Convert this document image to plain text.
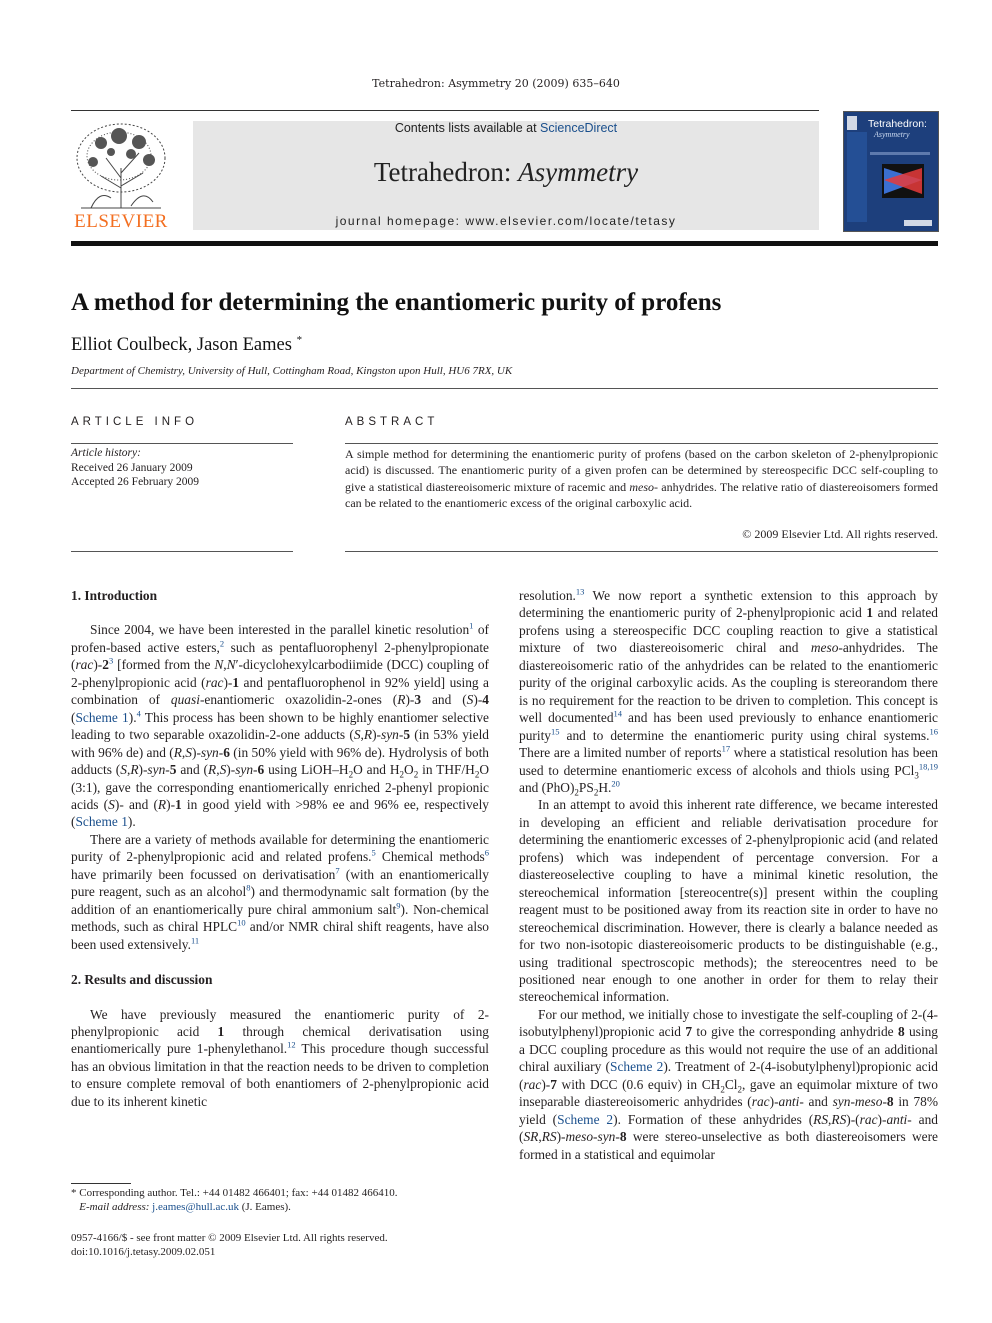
Tetrahedron: Asymmetry 20 (2009) 635–640
ELSEVIER
Contents lists available at ScienceDirect
Tetrahedron: Asymmetry
journal homepage: www.elsevier.com/locate/tetasy
Tetrahedron:
Asymmetry
A method for determining the enantiomeric purity of profens
Elliot Coulbeck, Jason Eames *
Department of Chemistry, University of Hull, Cottingham Road, Kingston upon Hull, HU6 7RX, UK
ARTICLE INFO	ABSTRACT
Article history:
Received 26 January 2009
Accepted 26 February 2009
A simple method for determining the enantiomeric purity of profens (based on the carbon skeleton of 2-phenylpropionic acid) is discussed. The enantiomeric purity of a given profen can be determined by stereospecific DCC self-coupling to give a statistical diastereoisomeric mixture of racemic and meso- anhydrides. The relative ratio of diastereoisomers formed can be related to the enantiomeric excess of the original carboxylic acid.
© 2009 Elsevier Ltd. All rights reserved.
1. Introduction

Since 2004, we have been interested in the parallel kinetic resolution$^1$ of profen-based active esters,$^2$ such as pentafluorophenyl 2-phenylpropionate $(rac)-2^3$ [formed from the N,N′-dicyclohexylcarbodiimide (DCC) coupling of 2-phenylpropionic acid (rac)-1 and pentafluorophenol in 92% yield] using a combination of quasi-enantiomeric oxazolidin-2-ones (R)-3 and (S)-4 (Scheme 1).$^4$ This process has been shown to be highly enantiomer selective leading to two separable oxazolidin-2-one adducts (S,R)-syn-5 (in 53% yield with 96% de) and (R,S)-syn-6 (in 50% yield with 96% de). Hydrolysis of both adducts (S,R)-syn-5 and (R,S)-syn-6 using LiOH–$H_2O$ and $H_2O_2$ in THF/$H_2O$ (3:1), gave the corresponding enantiomerically enriched 2-phenyl propionic acids (S)- and (R)-1 in good yield with >98% ee and 96% ee, respectively (Scheme 1).

There are a variety of methods available for determining the enantiomeric purity of 2-phenylpropionic acid and related profens.$^5$ Chemical methods$^6$ have primarily been focussed on derivatisation$^7$ (with an enantiomerically pure reagent, such as an alcohol$^8$) and thermodynamic salt formation (by the addition of an enantiomerically pure chiral ammonium salt$^9$). Non-chemical methods, such as chiral HPLC$^{10}$ and/or NMR chiral shift reagents, have also been used extensively.$^{11}$

2. Results and discussion

We have previously measured the enantiomeric purity of 2-phenylpropionic acid 1 through chemical derivatisation using enantiomerically pure 1-phenylethanol.$^{12}$ This procedure though successful has an obvious limitation in that the reaction needs to be driven to completion to ensure complete removal of both enantiomers of 2-phenylpropionic acid due to its inherent kinetic

resolution.$^{13}$ We now report a synthetic extension to this approach by determining the enantiomeric purity of 2-phenylpropionic acid 1 and related profens using a stereospecific DCC coupling reaction to give a statistical mixture of two diastereoisomeric chiral and meso-anhydrides. The diastereoisomeric ratio of the anhydrides can be related to the enantiomeric purity of the original carboxylic acids. As the coupling is stereorandom there is no requirement for the reaction to be driven to completion. This concept is well documented$^{14}$ and has been used previously to enhance enantiomeric purity$^{15}$ and to determine the enantiomeric purity using chiral systems.$^{16}$ There are a limited number of reports$^{17}$ where a statistical resolution has been used to determine enantiomeric excess of alcohols and thiols using PCl$_3^{18,19}$ and $(PhO)_2PS_2H.^{20}$

In an attempt to avoid this inherent rate difference, we became interested in developing an efficient and reliable derivatisation procedure for determining the enantiomeric excesses of 2-phenylpropionic acid (and related profens) which was independent of percentage conversion. For a diastereoselective coupling to have a minimal kinetic resolution, the stereochemical information [stereocentre(s)] present within the coupling reagent must to be positioned away from its reaction site in order to have no stereochemical discrimination. However, there is clearly a balance needed as for two non-isotopic diastereoisomeric products to be distinguishable (e.g., using traditional spectroscopic methods); the stereocentres need to be positioned near enough to one another in order for them to relay their stereochemical information.

For our method, we initially chose to investigate the self-coupling of 2-(4-isobutylphenyl)propionic acid 7 to give the corresponding anhydride 8 using a DCC coupling procedure as this would not require the use of an additional chiral auxiliary (Scheme 2). Treatment of 2-(4-isobutylphenyl)propionic acid (rac)-7 with DCC (0.6 equiv) in $CH_2Cl_2$, gave an equimolar mixture of two inseparable diastereoisomeric anhydrides (rac)-anti- and syn-meso-8 in 78% yield (Scheme 2). Formation of these anhydrides (RS,RS)-(rac)-anti- and (SR,RS)-meso-syn-8 were stereo-unselective as both diastereoisomers were formed in a statistical and equimolar

* Corresponding author. Tel.: +44 01482 466401; fax: +44 01482 466410.
E-mail address: j.eames@hull.ac.uk (J. Eames).
0957-4166/$ - see front matter © 2009 Elsevier Ltd. All rights reserved.
doi:10.1016/j.tetasy.2009.02.051
